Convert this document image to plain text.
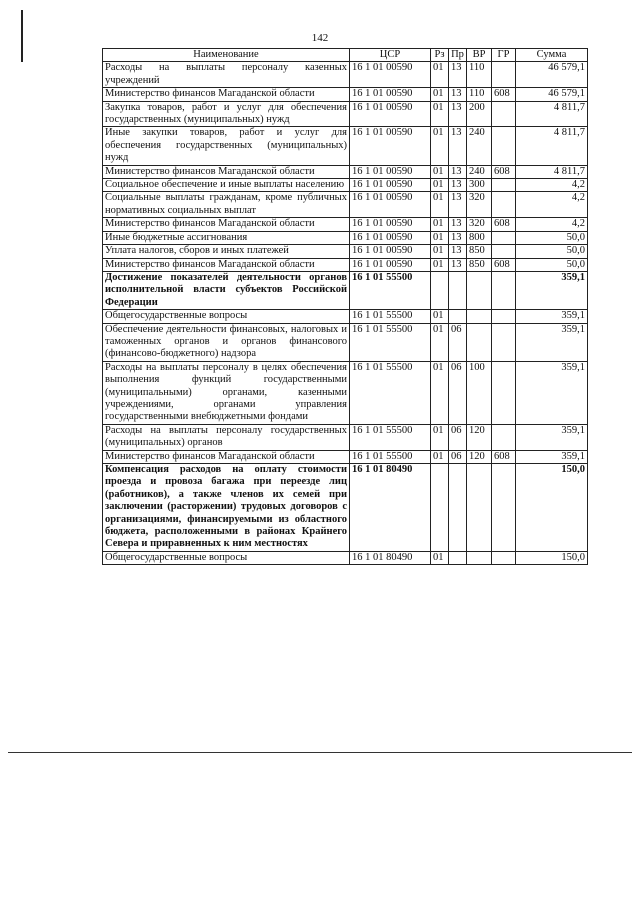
142
Наименование	ЦСР	Рз	Пр	ВР	ГР	Сумма
Расходы на выплаты персоналу казенных учреждений	16 1 01 00590	01	13	110		46 579,1
Министерство финансов Магаданской области	16 1 01 00590	01	13	110	608	46 579,1
Закупка товаров, работ и услуг для обеспечения государственных (муниципальных) нужд	16 1 01 00590	01	13	200		4 811,7
Иные закупки товаров, работ и услуг для обеспечения государственных (муниципальных) нужд	16 1 01 00590	01	13	240		4 811,7
Министерство финансов Магаданской области	16 1 01 00590	01	13	240	608	4 811,7
Социальное обеспечение и иные выплаты населению	16 1 01 00590	01	13	300		4,2
Социальные выплаты гражданам, кроме публичных нормативных социальных выплат	16 1 01 00590	01	13	320		4,2
Министерство финансов Магаданской области	16 1 01 00590	01	13	320	608	4,2
Иные бюджетные ассигнования	16 1 01 00590	01	13	800		50,0
Уплата налогов, сборов и иных платежей	16 1 01 00590	01	13	850		50,0
Министерство финансов Магаданской области	16 1 01 00590	01	13	850	608	50,0
Достижение показателей деятельности органов исполнительной власти субъектов Российской Федерации	16 1 01 55500					359,1
Общегосударственные вопросы	16 1 01 55500	01				359,1
Обеспечение деятельности финансовых, налоговых и таможенных органов и органов финансового (финансово-бюджетного) надзора	16 1 01 55500	01	06			359,1
Расходы на выплаты персоналу в целях обеспечения выполнения функций государственными (муниципальными) органами, казенными учреждениями, органами управления государственными внебюджетными фондами	16 1 01 55500	01	06	100		359,1
Расходы на выплаты персоналу государственных (муниципальных) органов	16 1 01 55500	01	06	120		359,1
Министерство финансов Магаданской области	16 1 01 55500	01	06	120	608	359,1
Компенсация расходов на оплату стоимости проезда и провоза багажа при переезде лиц (работников), а также членов их семей при заключении (расторжении) трудовых договоров с организациями, финансируемыми из областного бюджета, расположенными в районах Крайнего Севера и приравненных к ним местностях	16 1 01 80490					150,0
Общегосударственные вопросы	16 1 01 80490	01				150,0
